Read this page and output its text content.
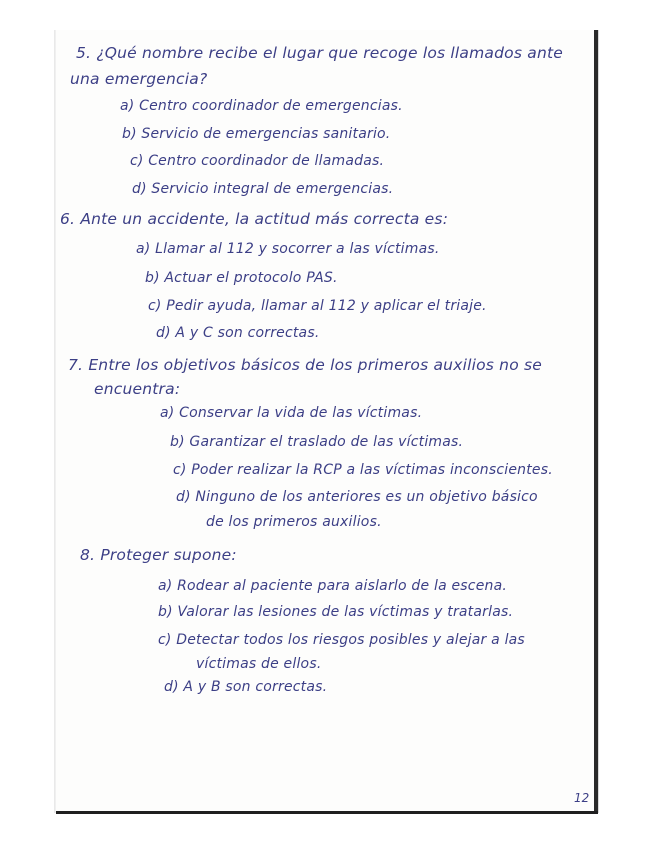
5. ¿Qué nombre recibe el lugar que recoge los llamados ante
una emergencia?
a) Centro coordinador de emergencias.
b) Servicio de emergencias sanitario.
c) Centro coordinador de llamadas.
d) Servicio integral de emergencias.
6. Ante un accidente, la actitud más correcta es:
a) Llamar al 112 y socorrer a las víctimas.
b) Actuar el protocolo PAS.
c) Pedir ayuda, llamar al 112 y aplicar el triaje.
d) A y C son correctas.
7. Entre los objetivos básicos de los primeros auxilios no se
encuentra:
a) Conservar la vida de las víctimas.
b) Garantizar el traslado de las víctimas.
c) Poder realizar la RCP a las víctimas inconscientes.
d) Ninguno de los anteriores es un objetivo básico
de los primeros auxilios.
8. Proteger supone:
a) Rodear al paciente para aislarlo de la escena.
b) Valorar las lesiones de las víctimas y tratarlas.
c) Detectar todos los riesgos posibles y alejar a las
víctimas de ellos.
d) A y B son correctas.
12
